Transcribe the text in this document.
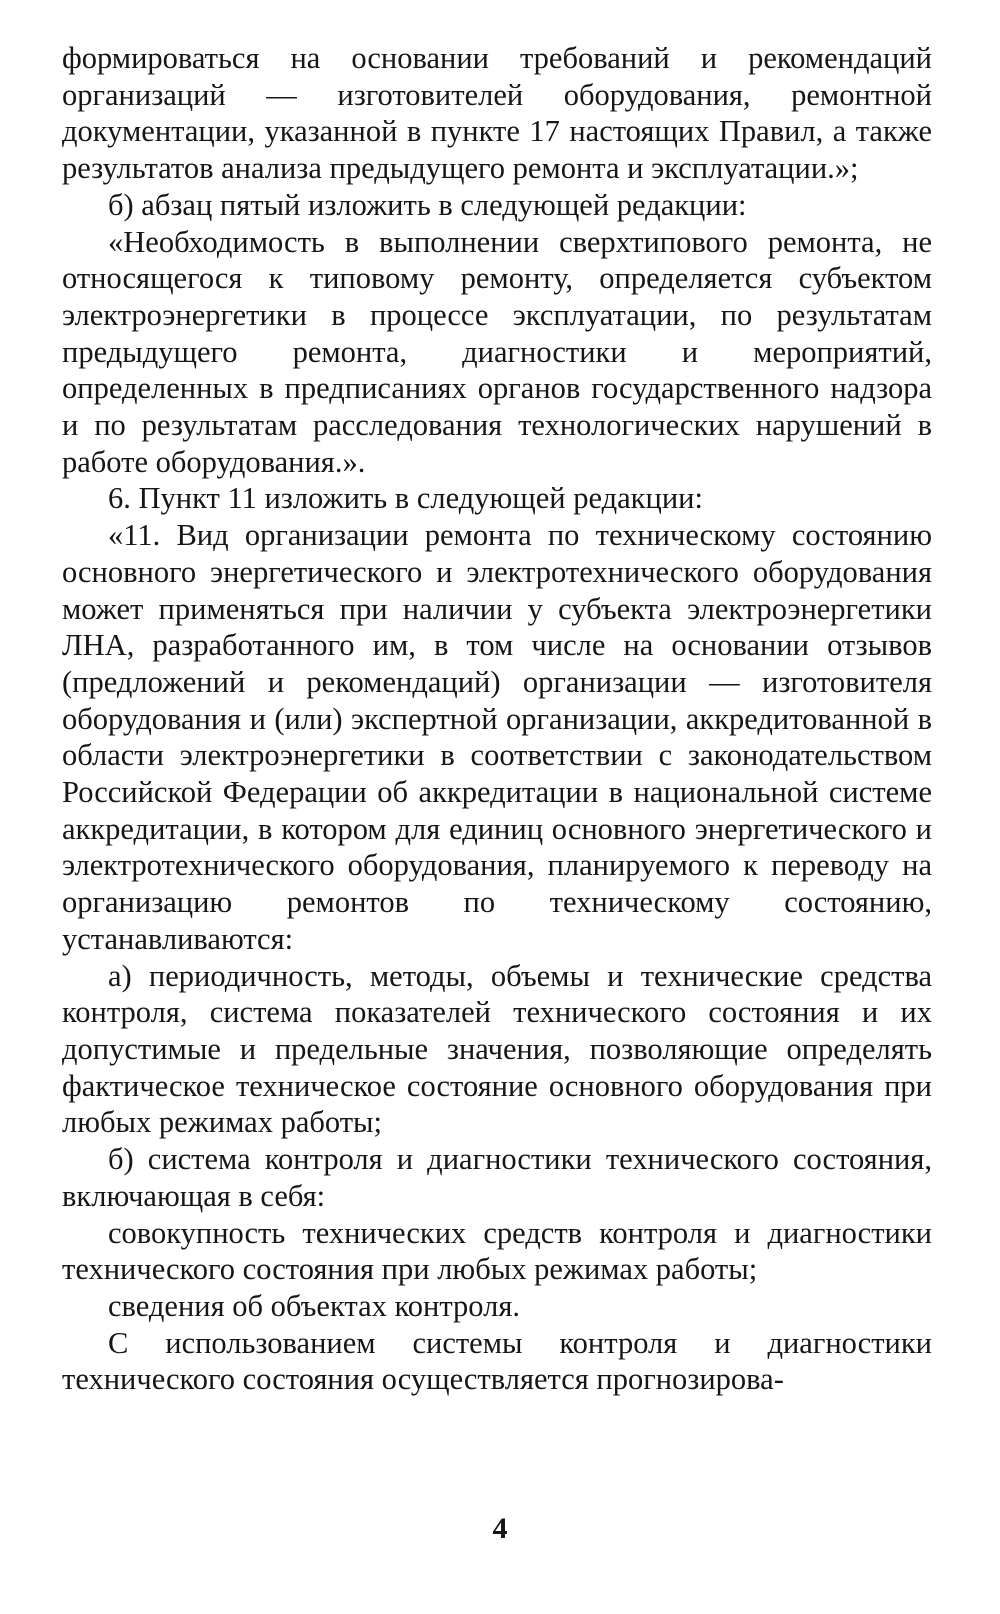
формироваться на основании требований и рекомендаций организаций — изготовителей оборудования, ремонтной документации, указанной в пункте 17 настоящих Правил, а также результатов анализа предыдущего ремонта и эксплуатации.»;

б) абзац пятый изложить в следующей редакции:

«Необходимость в выполнении сверхтипового ремонта, не относящегося к типовому ремонту, определяется субъектом электроэнергетики в процессе эксплуатации, по результатам предыдущего ремонта, диагностики и мероприятий, определенных в предписаниях органов государственного надзора и по результатам расследования технологических нарушений в работе оборудования.».

6. Пункт 11 изложить в следующей редакции:

«11. Вид организации ремонта по техническому состоянию основного энергетического и электротехнического оборудования может применяться при наличии у субъекта электроэнергетики ЛНА, разработанного им, в том числе на основании отзывов (предложений и рекомендаций) организации — изготовителя оборудования и (или) экспертной организации, аккредитованной в области электроэнергетики в соответствии с законодательством Российской Федерации об аккредитации в национальной системе аккредитации, в котором для единиц основного энергетического и электротехнического оборудования, планируемого к переводу на организацию ремонтов по техническому состоянию, устанавливаются:

а) периодичность, методы, объемы и технические средства контроля, система показателей технического состояния и их допустимые и предельные значения, позволяющие определять фактическое техническое состояние основного оборудования при любых режимах работы;

б) система контроля и диагностики технического состояния, включающая в себя:

совокупность технических средств контроля и диагностики технического состояния при любых режимах работы;

сведения об объектах контроля.

С использованием системы контроля и диагностики технического состояния осуществляется прогнозирова-

4
